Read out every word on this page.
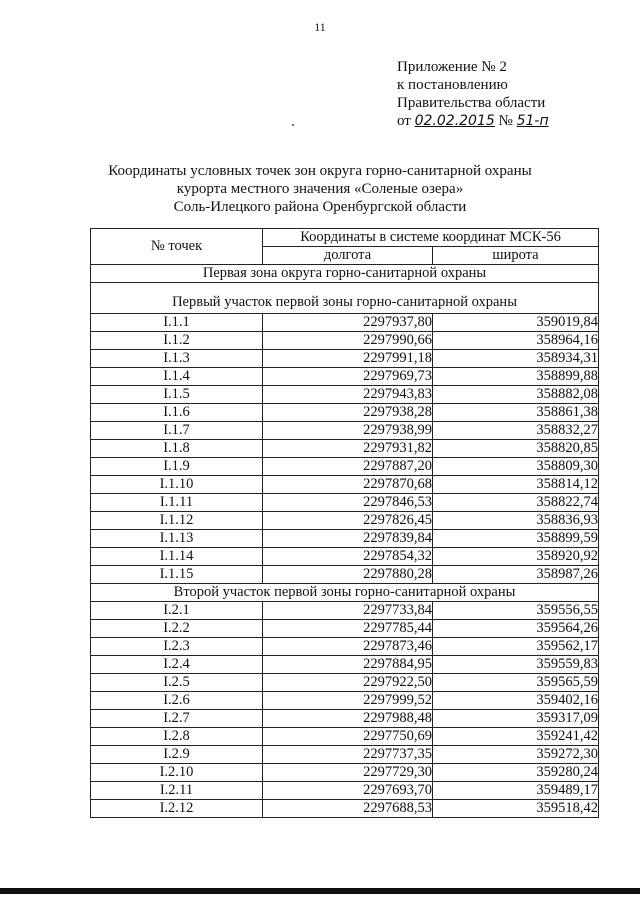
11
Приложение № 2
к постановлению
Правительства области
от 02.02.2015 № 51-п
Координаты условных точек зон округа горно-санитарной охраны
курорта местного значения «Соленые озера»
Соль-Илецкого района Оренбургской области
№ точек	Координаты в системе координат МСК-56	
	долгота	широта
Первая зона округа горно-санитарной охраны		
Первый участок первой зоны горно-санитарной охраны		
I.1.1	2297937,80	359019,84
I.1.2	2297990,66	358964,16
I.1.3	2297991,18	358934,31
I.1.4	2297969,73	358899,88
I.1.5	2297943,83	358882,08
I.1.6	2297938,28	358861,38
I.1.7	2297938,99	358832,27
I.1.8	2297931,82	358820,85
I.1.9	2297887,20	358809,30
I.1.10	2297870,68	358814,12
I.1.11	2297846,53	358822,74
I.1.12	2297826,45	358836,93
I.1.13	2297839,84	358899,59
I.1.14	2297854,32	358920,92
I.1.15	2297880,28	358987,26
Второй участок первой зоны горно-санитарной охраны		
I.2.1	2297733,84	359556,55
I.2.2	2297785,44	359564,26
I.2.3	2297873,46	359562,17
I.2.4	2297884,95	359559,83
I.2.5	2297922,50	359565,59
I.2.6	2297999,52	359402,16
I.2.7	2297988,48	359317,09
I.2.8	2297750,69	359241,42
I.2.9	2297737,35	359272,30
I.2.10	2297729,30	359280,24
I.2.11	2297693,70	359489,17
I.2.12	2297688,53	359518,42
